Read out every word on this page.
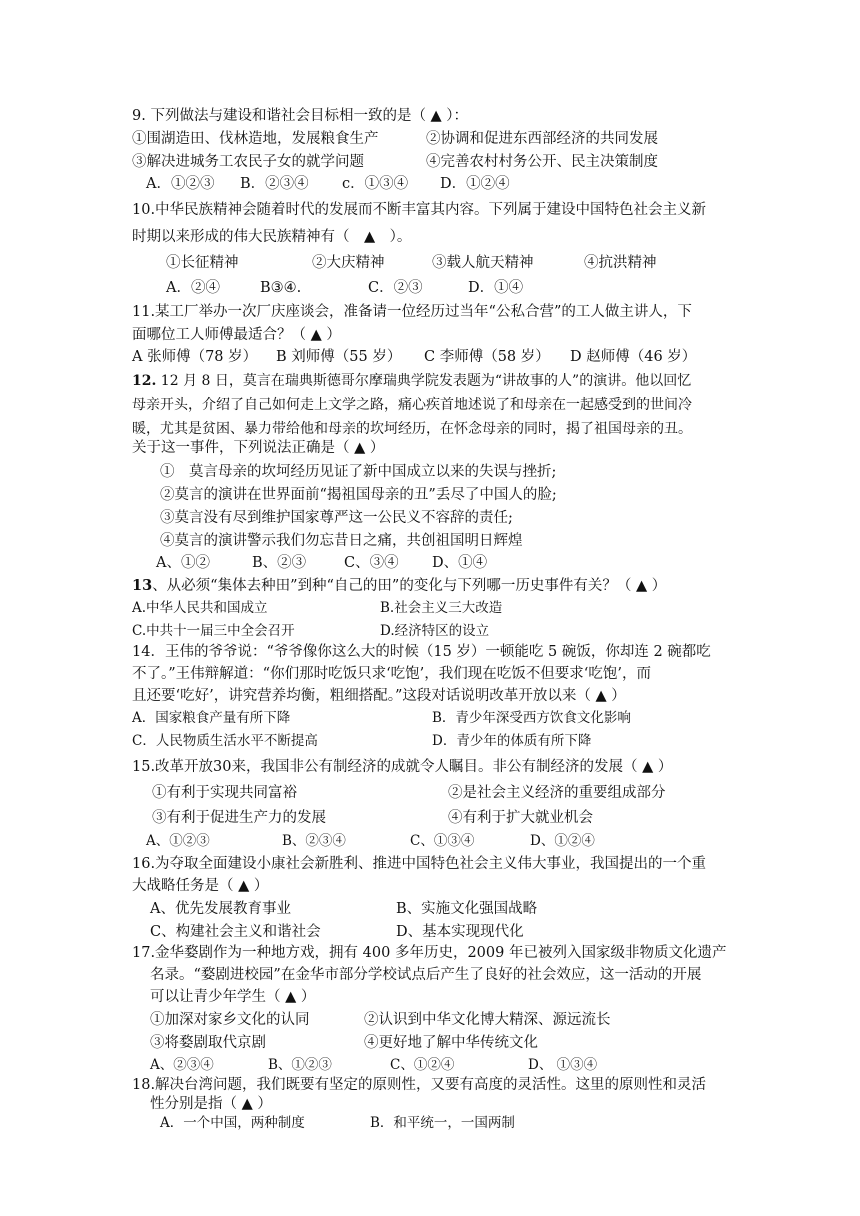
9. 下列做法与建设和谐社会目标相一致的是（ ▲ ）：
①围湖造田、伐林造地，发展粮食生产	②协调和促进东西部经济的共同发展
③解决进城务工农民子女的就学问题	④完善农村村务公开、民主决策制度
A．①②③ B．②③④ c．①③④ D．①②④
10.中华民族精神会随着时代的发展而不断丰富其内容。下列属于建设中国特色社会主义新
时期以来形成的伟大民族精神有（　▲　）。
①长征精神	②大庆精神	③载人航天精神	④抗洪精神
A．②④	B③④.	C．②③	D．①④
11.某工厂举办一次厂庆座谈会，准备请一位经历过当年“公私合营”的工人做主讲人，下
面哪位工人师傅最适合？（ ▲ ）
A 张师傅（78 岁） B 刘师傅（55 岁） C 李师傅（58 岁） D 赵师傅（46 岁）
12. 12 月 8 日，莫言在瑞典斯德哥尔摩瑞典学院发表题为“讲故事的人”的演讲。他以回忆
母亲开头，介绍了自己如何走上文学之路，痛心疾首地述说了和母亲在一起感受到的世间冷
暖，尤其是贫困、暴力带给他和母亲的坎坷经历，在怀念母亲的同时，揭了祖国母亲的丑。
关于这一事件，下列说法正确是（ ▲ ）
①　莫言母亲的坎坷经历见证了新中国成立以来的失误与挫折;
②莫言的演讲在世界面前“揭祖国母亲的丑”丢尽了中国人的脸;
③莫言没有尽到维护国家尊严这一公民义不容辞的责任;
④莫言的演讲警示我们勿忘昔日之痛，共创祖国明日辉煌
A、①②	B、②③	C、③④ D、①④
13、从必须“集体去种田”到种“自己的田”的变化与下列哪一历史事件有关？（ ▲ ）
A.中华人民共和国成立	B.社会主义三大改造
C.中共十一届三中全会召开	D.经济特区的设立
14．王伟的爷爷说：“爷爷像你这么大的时候（15 岁）一顿能吃 5 碗饭，你却连 2 碗都吃
不了。”王伟辩解道：“你们那时吃饭只求‘吃饱’，我们现在吃饭不但要求‘吃饱’，而
且还要‘吃好’，讲究营养均衡，粗细搭配。”这段对话说明改革开放以来（ ▲ ）
A．国家粮食产量有所下降	B．青少年深受西方饮食文化影响
C．人民物质生活水平不断提高	D．青少年的体质有所下降
15.改革开放30来，我国非公有制经济的成就令人瞩目。非公有制经济的发展（ ▲ ）
①有利于实现共同富裕	②是社会主义经济的重要组成部分
③有利于促进生产力的发展	④有利于扩大就业机会
A、①②③	B、②③④	C、①③④	D、①②④
16.为夺取全面建设小康社会新胜利、推进中国特色社会主义伟大事业，我国提出的一个重
大战略任务是（ ▲ ）
A、优先发展教育事业	B、实施文化强国战略
C、构建社会主义和谐社会	D、基本实现现代化
17.金华婺剧作为一种地方戏，拥有 400 多年历史，2009 年已被列入国家级非物质文化遗产
名录。“婺剧进校园”在金华市部分学校试点后产生了良好的社会效应，这一活动的开展
可以让青少年学生（ ▲ ）
①加深对家乡文化的认同	②认识到中华文化博大精深、源远流长
③将婺剧取代京剧	④更好地了解中华传统文化
A、②③④	B、①②③	C、①②④	D、 ①③④
18.解决台湾问题，我们既要有坚定的原则性，又要有高度的灵活性。这里的原则性和灵活
性分别是指（ ▲ ）
A．一个中国，两种制度	B．和平统一，一国两制
